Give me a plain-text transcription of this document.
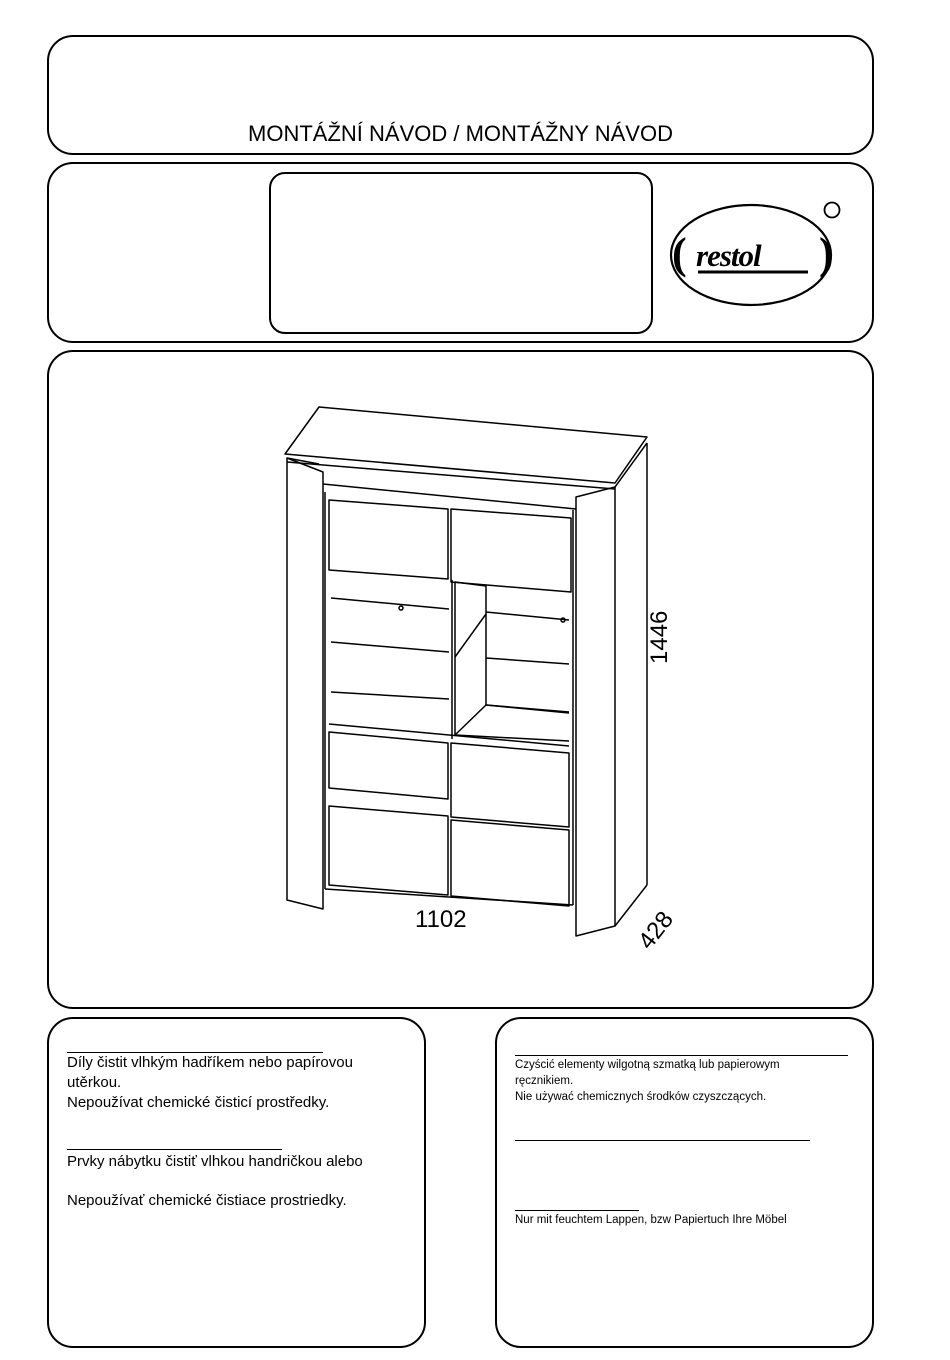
MONTÁŽNÍ NÁVOD / MONTÁŽNY NÁVOD
(	)
restol
1102
1446
428
Díly čistit vlhkým hadříkem nebo papírovou
utěrkou.
Nepoužívat chemické čisticí prostředky.
Prvky nábytku čistiť vlhkou handričkou alebo
Nepoužívať chemické čistiace prostriedky.
Czyścić elementy wilgotną szmatką lub papierowym
ręcznikiem.
Nie używać chemicznych środków czyszczących.
Nur mit feuchtem Lappen, bzw Papiertuch Ihre Möbel
